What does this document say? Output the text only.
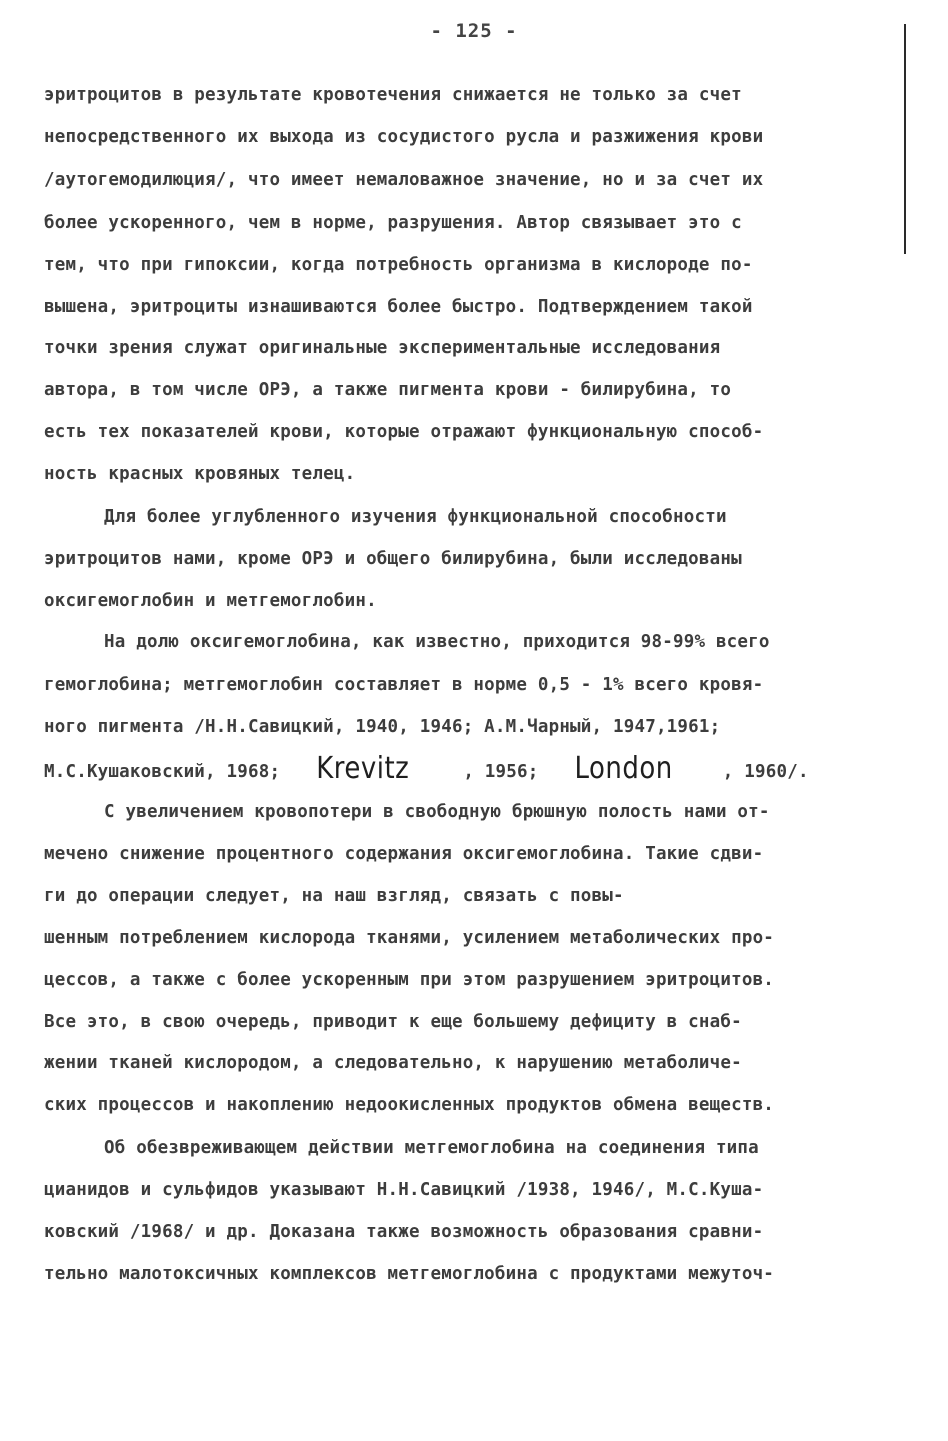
- 125 -
эритроцитов в результате кровотечения снижается не только за счет
непосредственного их выхода из сосудистого русла и разжижения крови
/аутогемодилюция/, что имеет немаловажное значение, но и за счет их
более ускоренного, чем в норме, разрушения. Автор связывает это с
тем, что при гипоксии, когда потребность организма в кислороде по-
вышена, эритроциты изнашиваются более быстро. Подтверждением такой
точки зрения служат оригинальные экспериментальные исследования
автора, в том числе ОРЭ, а также пигмента крови - билирубина, то
есть тех показателей крови, которые отражают функциональную способ-
ность красных кровяных телец.
Для более углубленного изучения функциональной способности
эритроцитов нами, кроме ОРЭ и общего билирубина, были исследованы
оксигемоглобин и метгемоглобин.
На долю оксигемоглобина, как известно, приходится 98-99% всего
гемоглобина; метгемоглобин составляет в норме 0,5 - 1% всего кровя-
ного пигмента /Н.Н.Савицкий, 1940, 1946; А.М.Чарный, 1947,1961;
М.С.Кушаковский, 1968; Krevitz	, 1956; London	, 1960/.
С увеличением кровопотери в свободную брюшную полость нами от-
мечено снижение процентного содержания оксигемоглобина. Такие сдви-
ги до операции следует, на наш взгляд, связать с повы-
шенным потреблением кислорода тканями, усилением метаболических про-
цессов, а также с более ускоренным при этом разрушением эритроцитов.
Все это, в свою очередь, приводит к еще большему дефициту в снаб-
жении тканей кислородом, а следовательно, к нарушению метаболиче-
ских процессов и накоплению недоокисленных продуктов обмена веществ.
Об обезвреживающем действии метгемоглобина на соединения типа
цианидов и сульфидов указывают Н.Н.Савицкий /1938, 1946/, М.С.Куша-
ковский /1968/ и др. Доказана также возможность образования сравни-
тельно малотоксичных комплексов метгемоглобина с продуктами межуточ-
